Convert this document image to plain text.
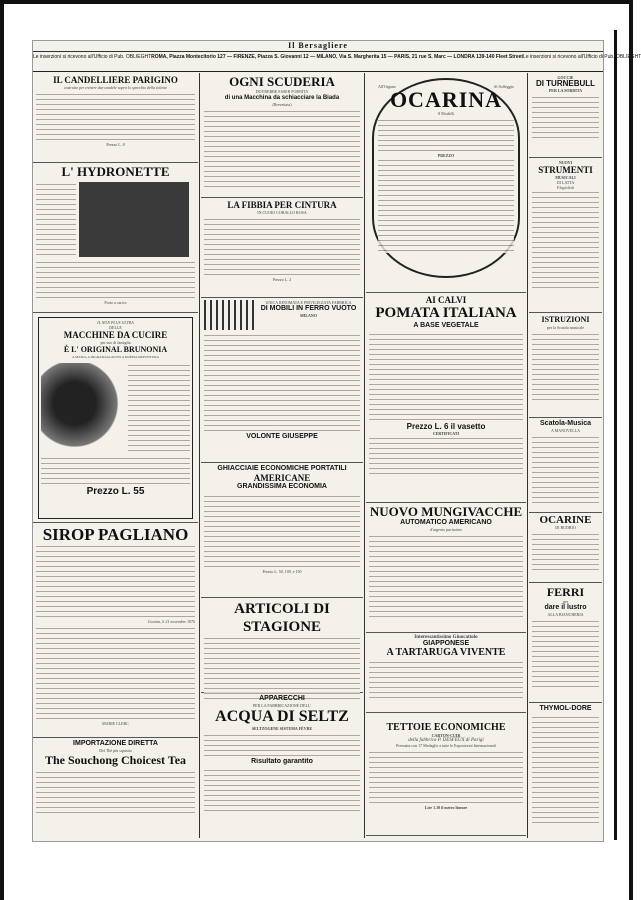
Il Bersagliere
Le inserzioni si ricevono all'Ufficio di Pub. OBLIEGHT ROMA, Piazza Montecitorio 127 — FIRENZE, Piazza S. Giovanni 12 — MILANO, Via S. Margherita 15 — PARIS, 21 rue S. Marc — LONDRA 139-140 Fleet Street Le inserzioni si ricevono all'Ufficio di Pub. OBLIEGHT
IL CANDELLIERE PARIGINO
costruito per trenere due candele sopra lo specchio della toilette
Prezzo L. 8
L' HYDRONETTE
Porto a carico
IL NON PLUS ULTRA
DELLE
MACCHINE DA CUCIRE
per uso di famiglia
È L' ORIGINAL BRUNONIA
A MANO, A INGRANAGGIO ED A DOPPIA IMPUNTURA
Prezzo L. 55
SIROP PAGLIANO
Gorizia, li 21 novembre 1876
MARIE CLERC
IMPORTAZIONE DIRETTA
Del Thè più squisito
The Souchong Choicest Tea
OGNI SCUDERIA
DOVREBBE ESSER FORNITA
di una Macchina da schiacciare la Biada
(Brevettata)
LA FIBBIA PER CINTURA
IN CUOIO CORALLO ROSA
Prezzo L. 2
UNICA RINOMATA E PRIVILEGIATA FABBRICA
DI MOBILI IN FERRO VUOTO
MILANO
VOLONTÈ GIUSEPPE
GHIACCIAIE ECONOMICHE PORTATILI
AMERICANE
GRANDISSIMA ECONOMIA
Prezzo L. 50, 100, e 150
ARTICOLI DI STAGIONE
APPARECCHI
PER LA FABBRICAZIONE DELL'
ACQUA DI SELTZ
SELTZOGENE SISTEMA FÈVRE
Risultato garantito
All'Organo	Al Solfeggio
OCARINA
8 Modelli
PREZZO
AI CALVI
POMATA ITALIANA
A BASE VEGETALE
Prezzo L. 6 il vasetto
CERTIFICATI
NUOVO MUNGIVACCHE
AUTOMATICO AMERICANO
d'argento purissimo
Interessantissimo Giuocattolo
GIAPPONESE
A TARTARUGA VIVENTE
TETTOIE ECONOMICHE
CARTON-CUIR
della fabbrica P. DESFEUX di Parigi
Premiata con 17 Medaglie a tutte le Esposizioni Internazionali
Lire 1.10 il metro lineare
GOCCIE
DI TURNEBULL
PER LA SORDITA
NUOVI
STRUMENTI
MUSICALI
DI LATTA
Flagioletti
ISTRUZIONI
per la Scatola musicale
Scatola-Musica
A MANOVELLA
OCARINE
DI BUDRIO
FERRI
per
dare il lustro
ALLA BIANCHERIA
THYMOL-DORE
